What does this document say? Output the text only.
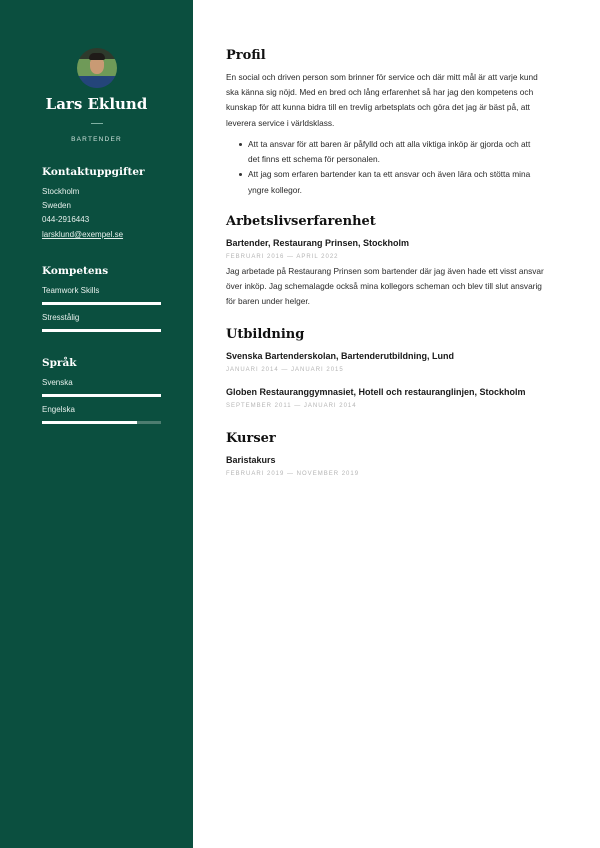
Lars Eklund
BARTENDER
Kontaktuppgifter
Stockholm
Sweden
044-2916443
larsklund@exempel.se
Kompetens
Teamwork Skills
Stresstålig
Språk
Svenska
Engelska
Profil
En social och driven person som brinner för service och där mitt mål är att varje kund
ska känna sig nöjd. Med en bred och lång erfarenhet så har jag den kompetens och
kunskap för att kunna bidra till en trevlig arbetsplats och göra det jag är bäst på, att
leverera service i världsklass.
Att ta ansvar för att baren är påfylld och att alla viktiga inköp är gjorda och att
det finns ett schema för personalen.
Att jag som erfaren bartender kan ta ett ansvar och även lära och stötta mina
yngre kollegor.
Arbetslivserfarenhet
Bartender, Restaurang Prinsen, Stockholm
FEBRUARI 2016 — APRIL 2022
Jag arbetade på Restaurang Prinsen som bartender där jag även hade ett visst ansvar
över inköp. Jag schemalagde också mina kollegors scheman och blev till slut ansvarig
för baren under helger.
Utbildning
Svenska Bartenderskolan, Bartenderutbildning, Lund
JANUARI 2014 — JANUARI 2015
Globen Restauranggymnasiet, Hotell och restauranglinjen, Stockholm
SEPTEMBER 2011 — JANUARI 2014
Kurser
Baristakurs
FEBRUARI 2019 — NOVEMBER 2019
